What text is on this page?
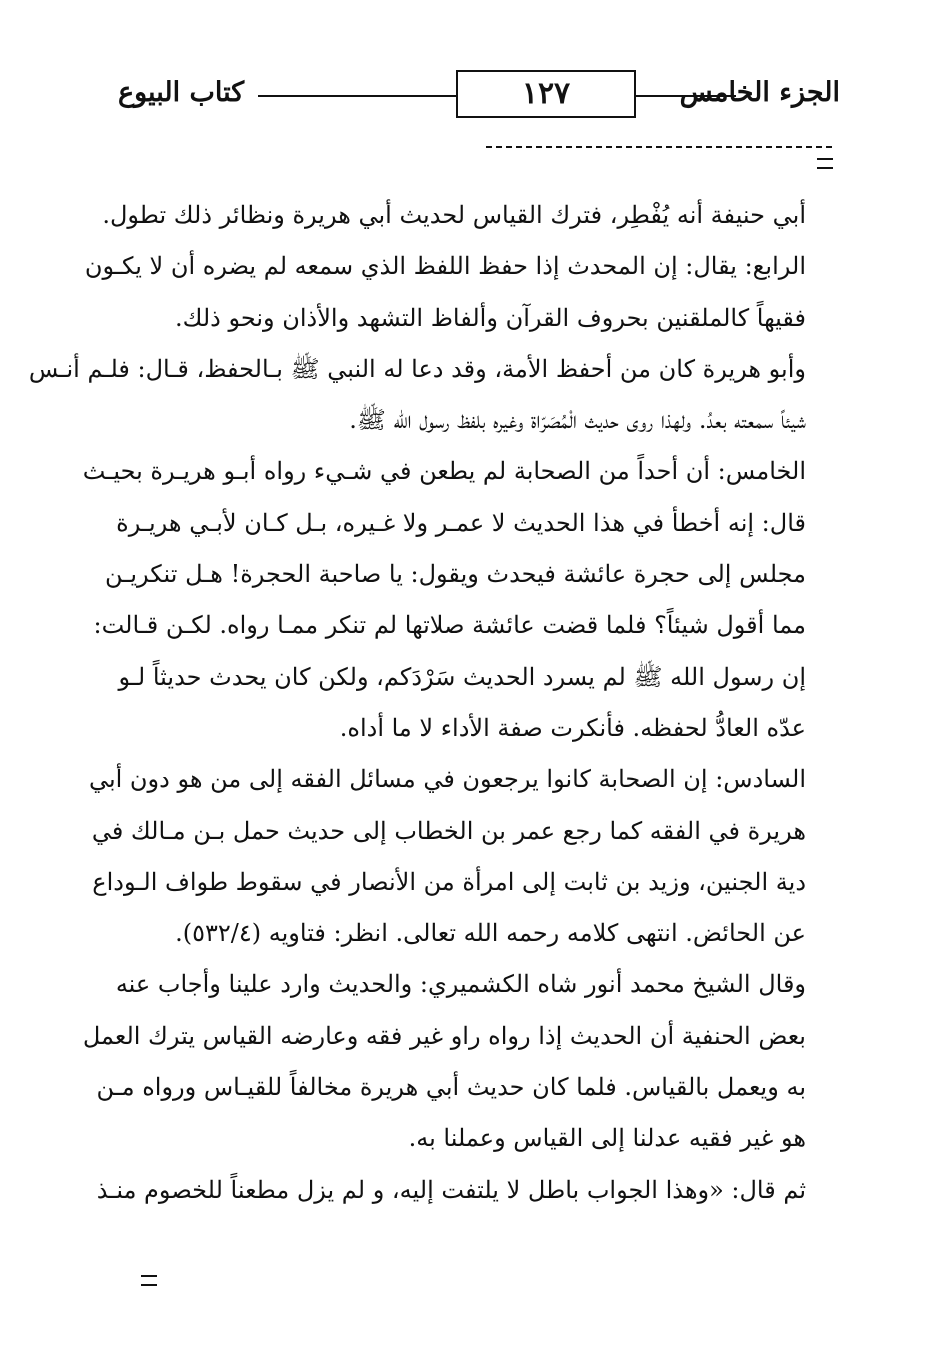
كتاب البيوع	١٢٧	الجزء الخامس
أبي حنيفة أنه يُفْطِر، فترك القياس لحديث أبي هريرة ونظائر ذلك تطول.
الرابع: يقال: إن المحدث إذا حفظ اللفظ الذي سمعه لم يضره أن لا يكـون
فقيهاً كالملقنين بحروف القرآن وألفاظ التشهد والأذان ونحو ذلك.
وأبو هريرة كان من أحفظ الأمة، وقد دعا له النبي ﷺ بـالحفظ، قـال: فلـم أنـس
شيئاً سمعته بعدُ. ولهذا روى حديث الْمُصَرّاة وغيره بلفظ رسول الله ﷺ.
الخامس: أن أحداً من الصحابة لم يطعن في شـيء رواه أبـو هريـرة بحيـث
قال: إنه أخطأ في هذا الحديث لا عمـر ولا غـيره، بـل كـان لأبـي هريـرة
مجلس إلى حجرة عائشة فيحدث ويقول: يا صاحبة الحجرة! هـل تنكريـن
مما أقول شيئاً؟ فلما قضت عائشة صلاتها لم تنكر ممـا رواه. لكـن قـالت:
إن رسول الله ﷺ لم يسرد الحديث سَرْدَكم، ولكن كان يحدث حديثاً لـو
عدّه العادُّ لحفظه. فأنكرت صفة الأداء لا ما أداه.
السادس: إن الصحابة كانوا يرجعون في مسائل الفقه إلى من هو دون أبي
هريرة في الفقه كما رجع عمر بن الخطاب إلى حديث حمل بـن مـالك في
دية الجنين، وزيد بن ثابت إلى امرأة من الأنصار في سقوط طواف الـوداع
عن الحائض. انتهى كلامه رحمه الله تعالى. انظر: فتاويه (٥٣٢/٤).
وقال الشيخ محمد أنور شاه الكشميري: والحديث وارد علينا وأجاب عنه
بعض الحنفية أن الحديث إذا رواه راو غير فقه وعارضه القياس يترك العمل
به ويعمل بالقياس. فلما كان حديث أبي هريرة مخالفاً للقيـاس ورواه مـن
هو غير فقيه عدلنا إلى القياس وعملنا به.
ثم قال: «وهذا الجواب باطل لا يلتفت إليه، و لم يزل مطعناً للخصوم منـذ
